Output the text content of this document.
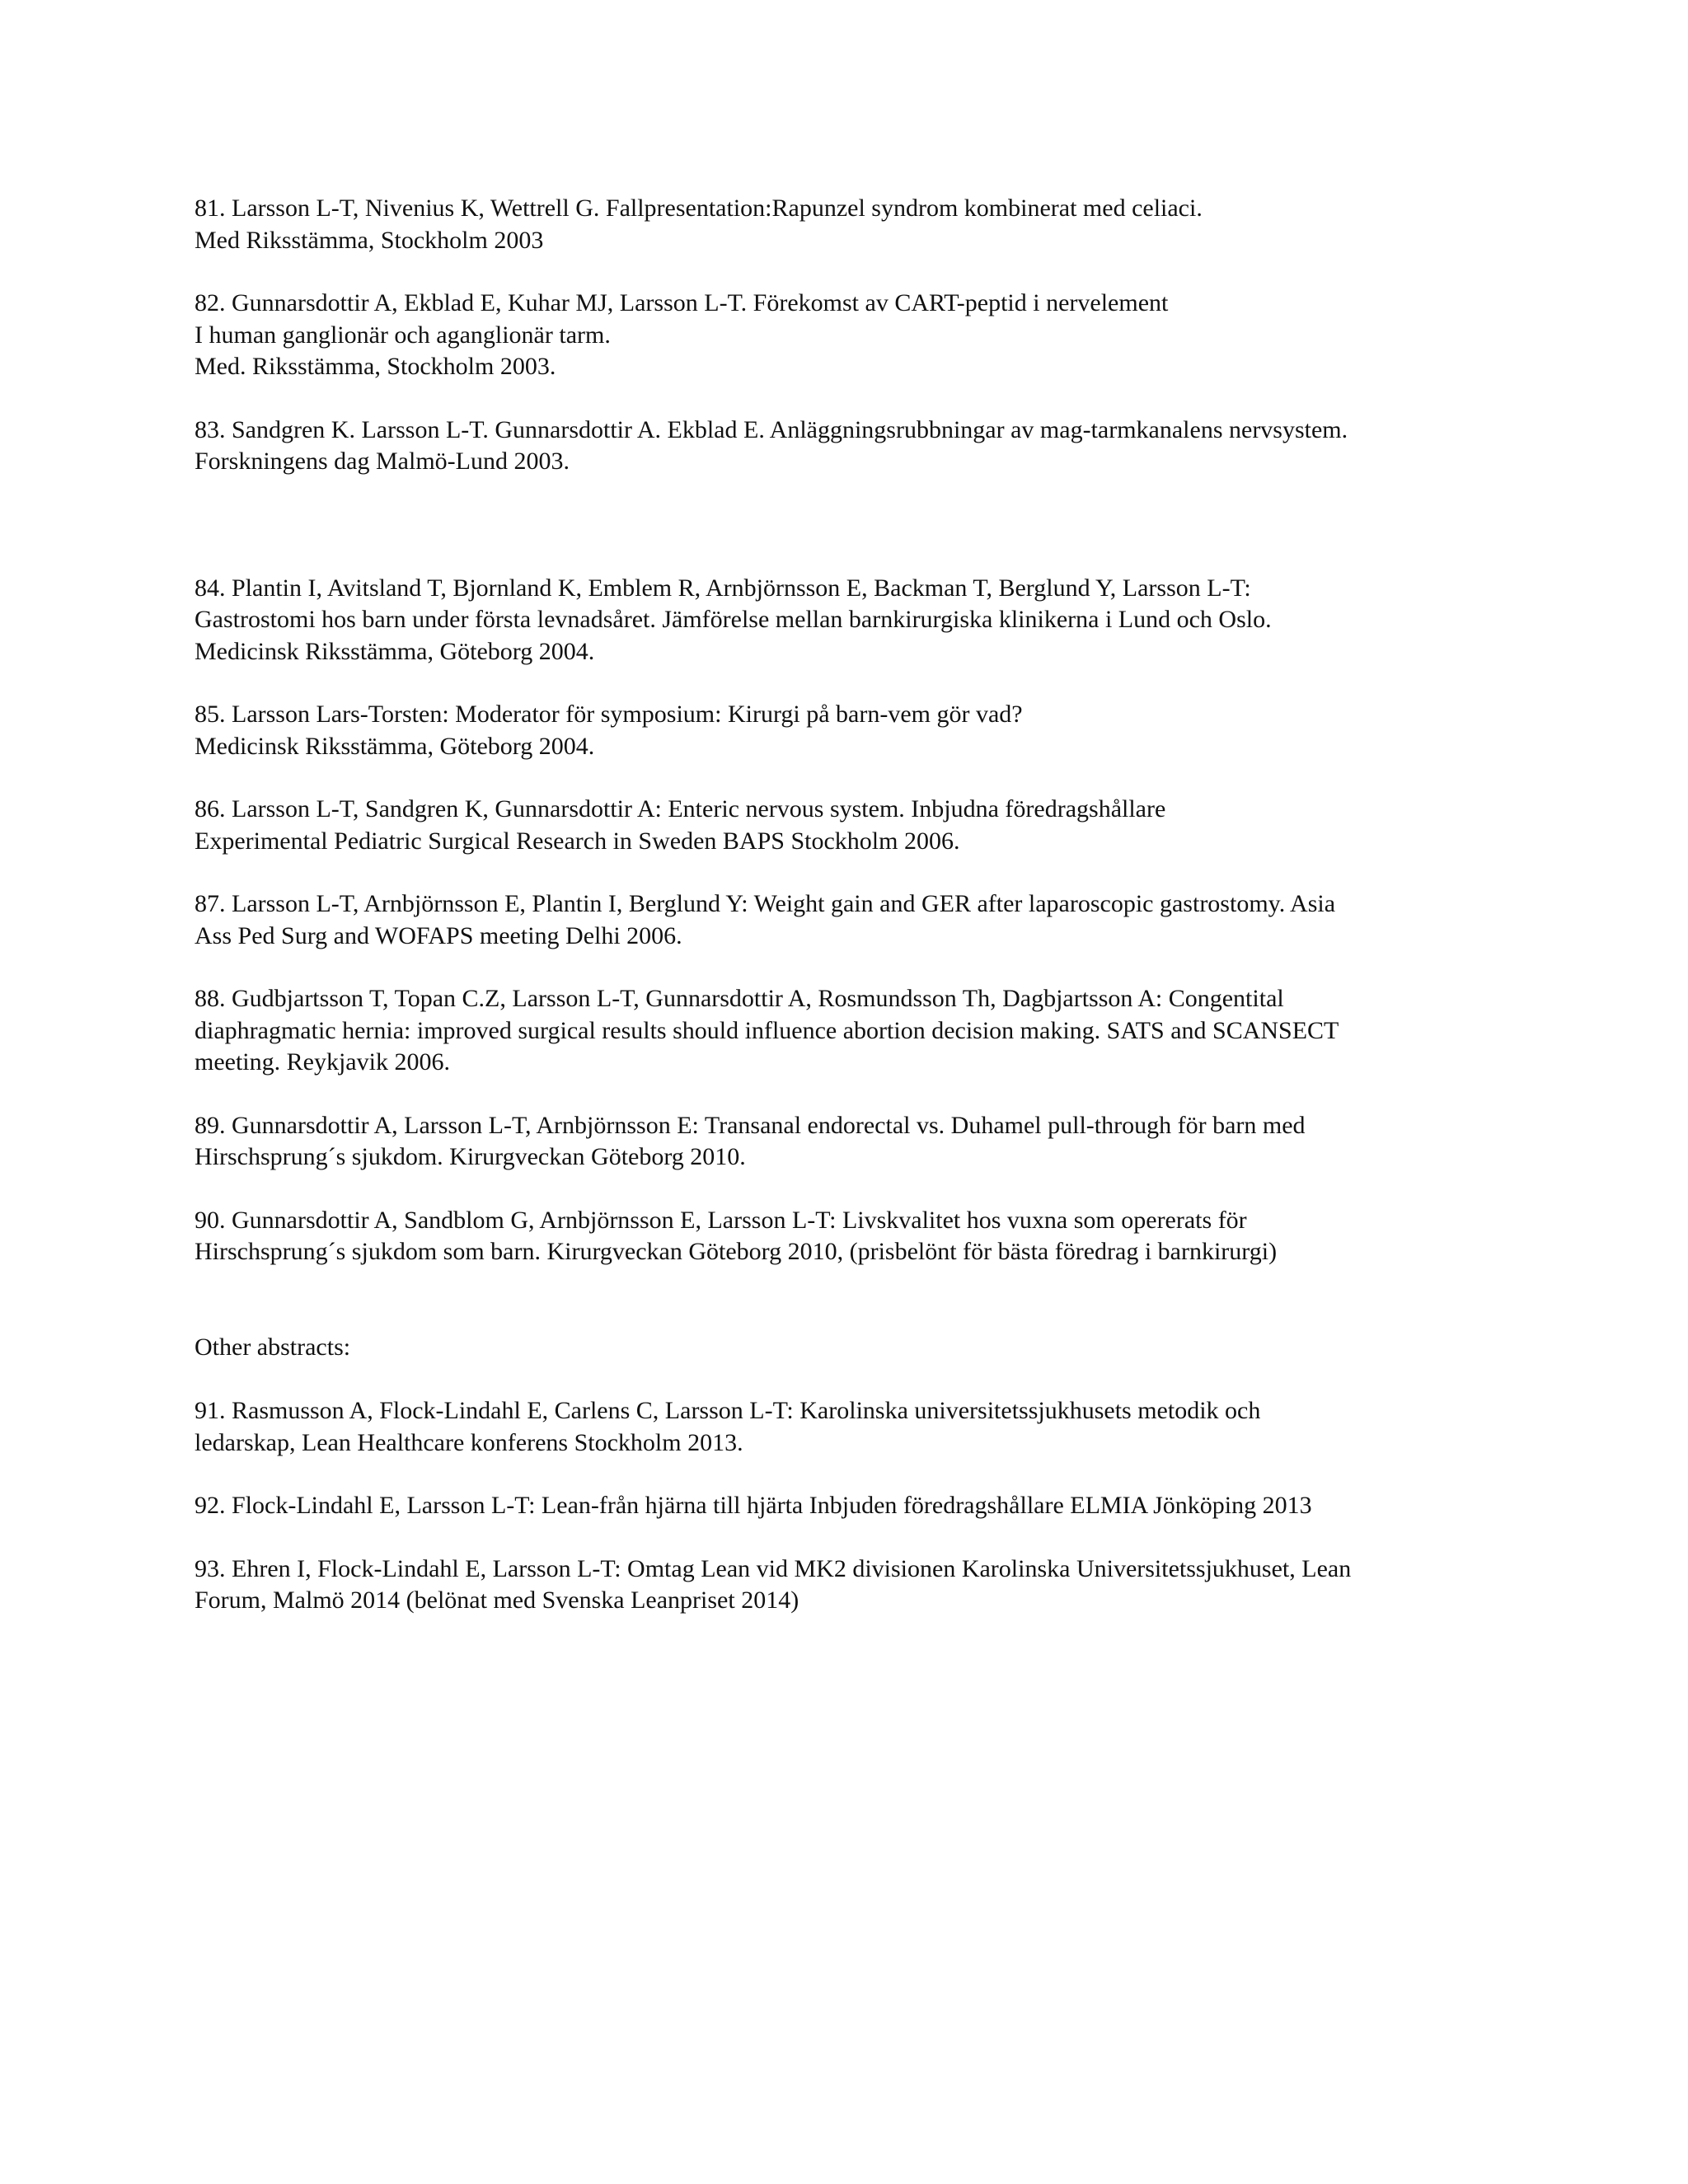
81. Larsson L-T, Nivenius K, Wettrell G. Fallpresentation:Rapunzel syndrom kombinerat med celiaci.
Med Riksstämma, Stockholm 2003
82. Gunnarsdottir A, Ekblad E, Kuhar MJ, Larsson L-T. Förekomst av CART-peptid i nervelement
I human ganglionär och aganglionär tarm.
Med. Riksstämma, Stockholm 2003.
83. Sandgren K. Larsson L-T. Gunnarsdottir A. Ekblad E. Anläggningsrubbningar av mag-tarmkanalens nervsystem.
Forskningens dag Malmö-Lund 2003.
84. Plantin I, Avitsland T, Bjornland K, Emblem R, Arnbjörnsson E, Backman T, Berglund Y, Larsson L-T:
Gastrostomi hos barn under första levnadsåret. Jämförelse mellan barnkirurgiska klinikerna i Lund och Oslo.
Medicinsk Riksstämma, Göteborg 2004.
85. Larsson Lars-Torsten: Moderator för symposium: Kirurgi på barn-vem gör vad?
Medicinsk Riksstämma, Göteborg 2004.
86. Larsson L-T, Sandgren K, Gunnarsdottir A: Enteric nervous system. Inbjudna föredragshållare
Experimental Pediatric Surgical Research in Sweden BAPS Stockholm 2006.
87. Larsson L-T, Arnbjörnsson E, Plantin I, Berglund Y: Weight gain and GER after laparoscopic gastrostomy. Asia
Ass Ped Surg and WOFAPS meeting Delhi 2006.
88. Gudbjartsson T, Topan C.Z, Larsson L-T, Gunnarsdottir A, Rosmundsson Th, Dagbjartsson A: Congentital
diaphragmatic hernia: improved surgical results should influence abortion decision making. SATS and SCANSECT
meeting. Reykjavik 2006.
89. Gunnarsdottir A, Larsson L-T, Arnbjörnsson E: Transanal endorectal vs. Duhamel pull-through för barn med
Hirschsprung´s sjukdom. Kirurgveckan Göteborg 2010.
90. Gunnarsdottir A, Sandblom G, Arnbjörnsson E, Larsson L-T: Livskvalitet hos vuxna som opererats för
Hirschsprung´s sjukdom som barn. Kirurgveckan Göteborg 2010, (prisbelönt för bästa föredrag i barnkirurgi)
Other abstracts:
91. Rasmusson A, Flock-Lindahl E, Carlens C, Larsson L-T: Karolinska universitetssjukhusets metodik och
ledarskap, Lean Healthcare konferens Stockholm 2013.
92. Flock-Lindahl E, Larsson L-T: Lean-från hjärna till hjärta Inbjuden föredragshållare ELMIA Jönköping 2013
93. Ehren I, Flock-Lindahl E, Larsson L-T: Omtag Lean vid MK2 divisionen Karolinska Universitetssjukhuset, Lean
Forum, Malmö 2014 (belönat med Svenska Leanpriset 2014)
